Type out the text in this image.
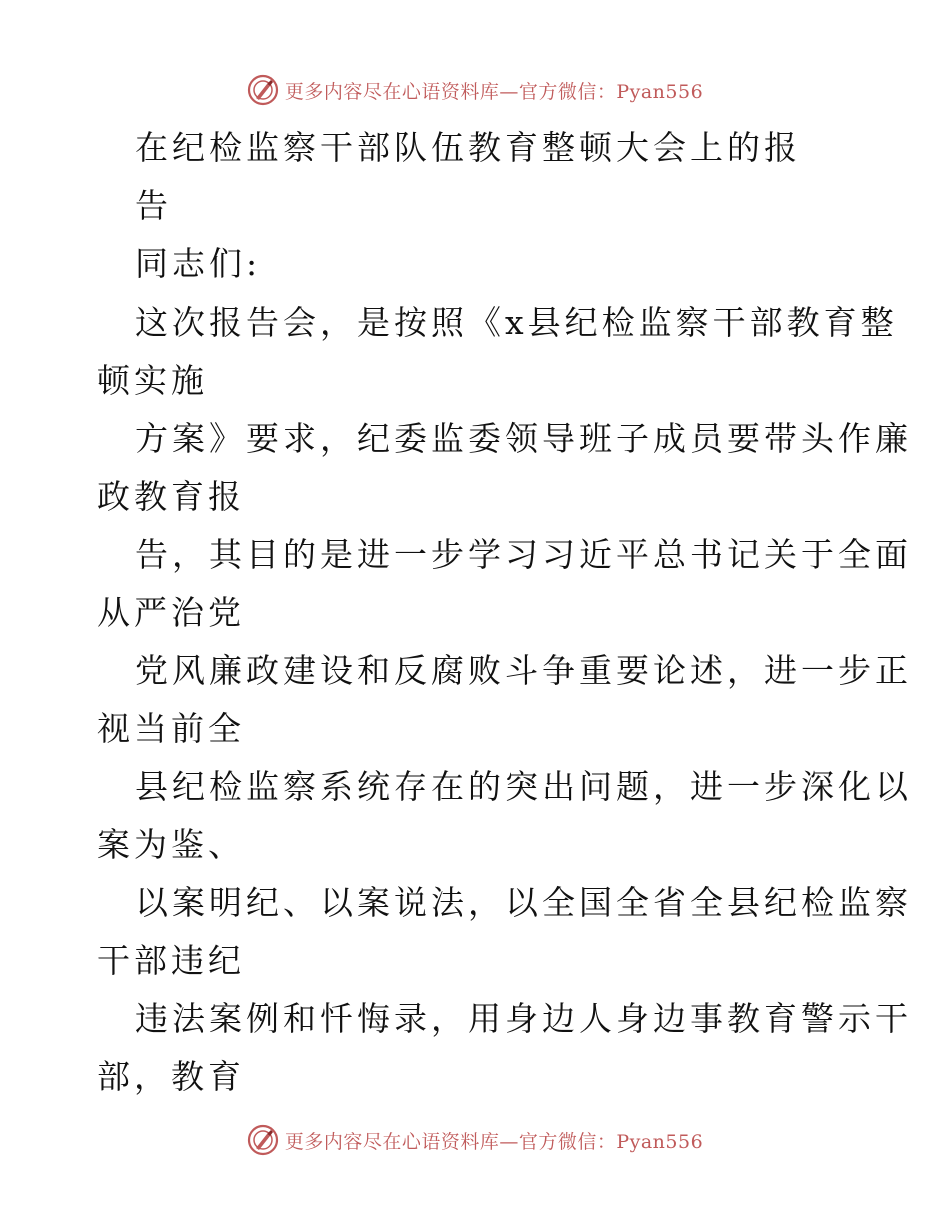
更多内容尽在心语资料库—官方微信：Pyan556
在纪检监察干部队伍教育整顿大会上的报
告
同志们:
这次报告会，是按照《x县纪检监察干部教育整
顿实施
方案》要求，纪委监委领导班子成员要带头作廉
政教育报
告，其目的是进一步学习习近平总书记关于全面
从严治党
党风廉政建设和反腐败斗争重要论述，进一步正
视当前全
县纪检监察系统存在的突出问题，进一步深化以
案为鉴、
以案明纪、以案说法，以全国全省全县纪检监察
干部违纪
违法案例和忏悔录，用身边人身边事教育警示干
部，教育
更多内容尽在心语资料库—官方微信：Pyan556
